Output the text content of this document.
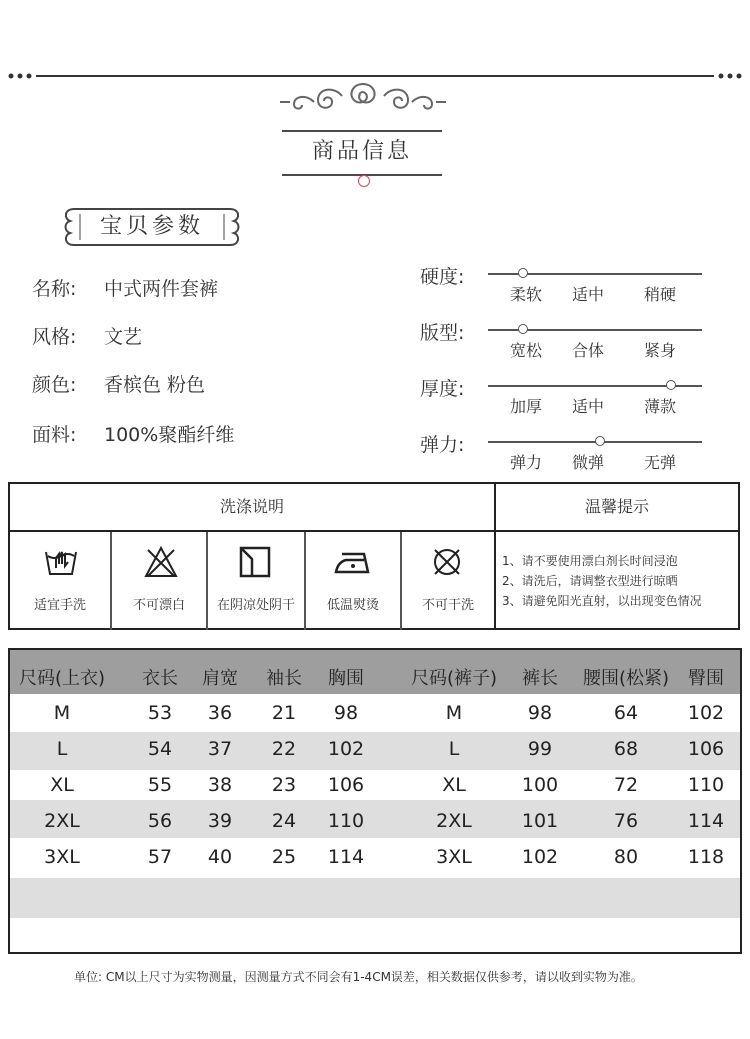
商品信息
宝贝参数
名称: 中式两件套裤
风格: 文艺
颜色: 香槟色 粉色
面料: 100%聚酯纤维
硬度:
柔软	适中	稍硬
版型:
宽松	合体	紧身
厚度:
加厚	适中	薄款
弹力:
弹力	微弹	无弹
洗涤说明	温馨提示
适宜手洗	不可漂白	在阴凉处阴干	低温熨烫	不可干洗
1、请不要使用漂白剂长时间浸泡
2、请洗后，请调整衣型进行晾晒
3、请避免阳光直射，以出现变色情况
尺码(上衣)	衣长	肩宽	袖长	胸围	尺码(裤子)	裤长	腰围(松紧)	臀围
M	53	36	21	98	M	98	64	102
L	54	37	22	102	L	99	68	106
XL	55	38	23	106	XL	100	72	110
2XL	56	39	24	110	2XL	101	76	114
3XL	57	40	25	114	3XL	102	80	118
单位: CM以上尺寸为实物测量，因测量方式不同会有1-4CM误差，相关数据仅供参考，请以收到实物为准。
